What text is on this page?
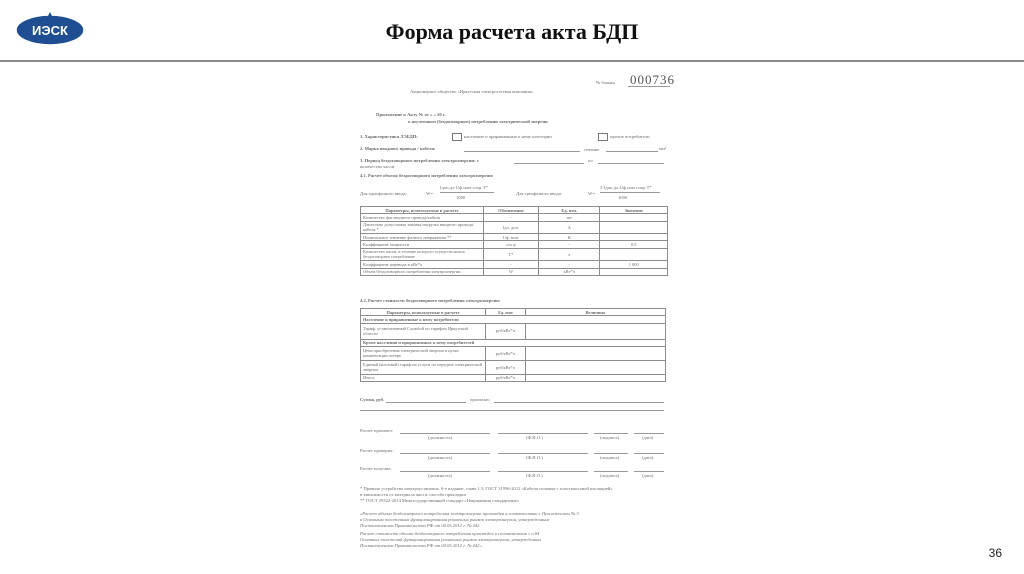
ИЭСК	Форма расчета акта БДП
№ бланка 000736
Акционерное общество «Иркутская электросетевая компания»
Приложение к Акту № от « » 20 г.
о неучтенном (бездоговорном) потреблении электрической энергии
1. Характеристика ЛЭБДП:	население и приравненные к нему категории	прочие потребители
2. Марка вводного провода / кабеля:	сечение	мм²
3. Период бездоговорного потребления электроэнергии: с	по
количество часов:
4.1. Расчет объема бездоговорного потребления электроэнергии:
Для однофазного ввода:	W=
Iдоп.дл·Uф.ном·cosφ·T*
1000
Для трехфазного ввода:	W=
3·Iдоп.дл·Uф.ном·cosφ·T*
1000
Параметры, используемые в расчете	Обозначение	Ед. изм.	Значение
Количество фаз вводного провода/кабеля	-	шт	
Длительно допустимая токовая нагрузка вводного провода/кабеля *	Iдл. доп.	А	
Номинальное значение фазного напряжения **	Uф. ном.	В	
Коэффициент мощности	cos φ	-	0,9
Количество часов, в течение которого осуществлялось бездоговорное потребление	T*	ч	
Коэффициент перевода в кВт*ч	-	-	1 000
Объем бездоговорного потребления электроэнергии	W	кВт*ч	
4.2. Расчет стоимости бездоговорного потребления электроэнергии:
Параметры, используемые в расчете	Ед. изм	Величина
Население и приравненные к нему потребители		
Тариф, установленный Службой по тарифам Иркутской области	руб/кВт*ч	
Кроме населения и приравненных к нему потребителей		
Цена приобретения электрической энергии в целях компенсации потерь	руб/кВт*ч	
Единый (котловой) тариф на услуги по передаче электрической энергии	руб/кВт*ч	
Итого:	руб/кВт*ч	
Сумма, руб.	прописью
Расчет произвел:
(должность)	(Ф.И.О.)	(подпись)	(дата)
Расчет проверил:
(должность)	(Ф.И.О.)	(подпись)	(дата)
Расчет получил:
(должность)	(Ф.И.О.)	(подпись)	(дата)
* Правила устройства электроустановок, 6-е издание, глава 1.3; ГОСТ 31996-2012 «Кабели силовые с пластмассовой изоляцией»
в зависимости от материала жил и способа прокладки
** ГОСТ 29322-2014 Межгосударственный стандарт «Напряжения стандартные»
«Расчет объема бездоговорного потребления электроэнергии произведен в соответствии с Приложением № 3
к Основным положениям функционирования розничных рынков электроэнергии, утвержденным
Постановлением Правительства РФ от 04.05.2012 г. № 442.
Расчет стоимости объема бездоговорного потребления произведен в соответствии с п.84
Основных положений функционирования розничных рынков электроэнергии, утвержденных
Постановлением Правительства РФ от 04.05.2012 г. № 442».
36
